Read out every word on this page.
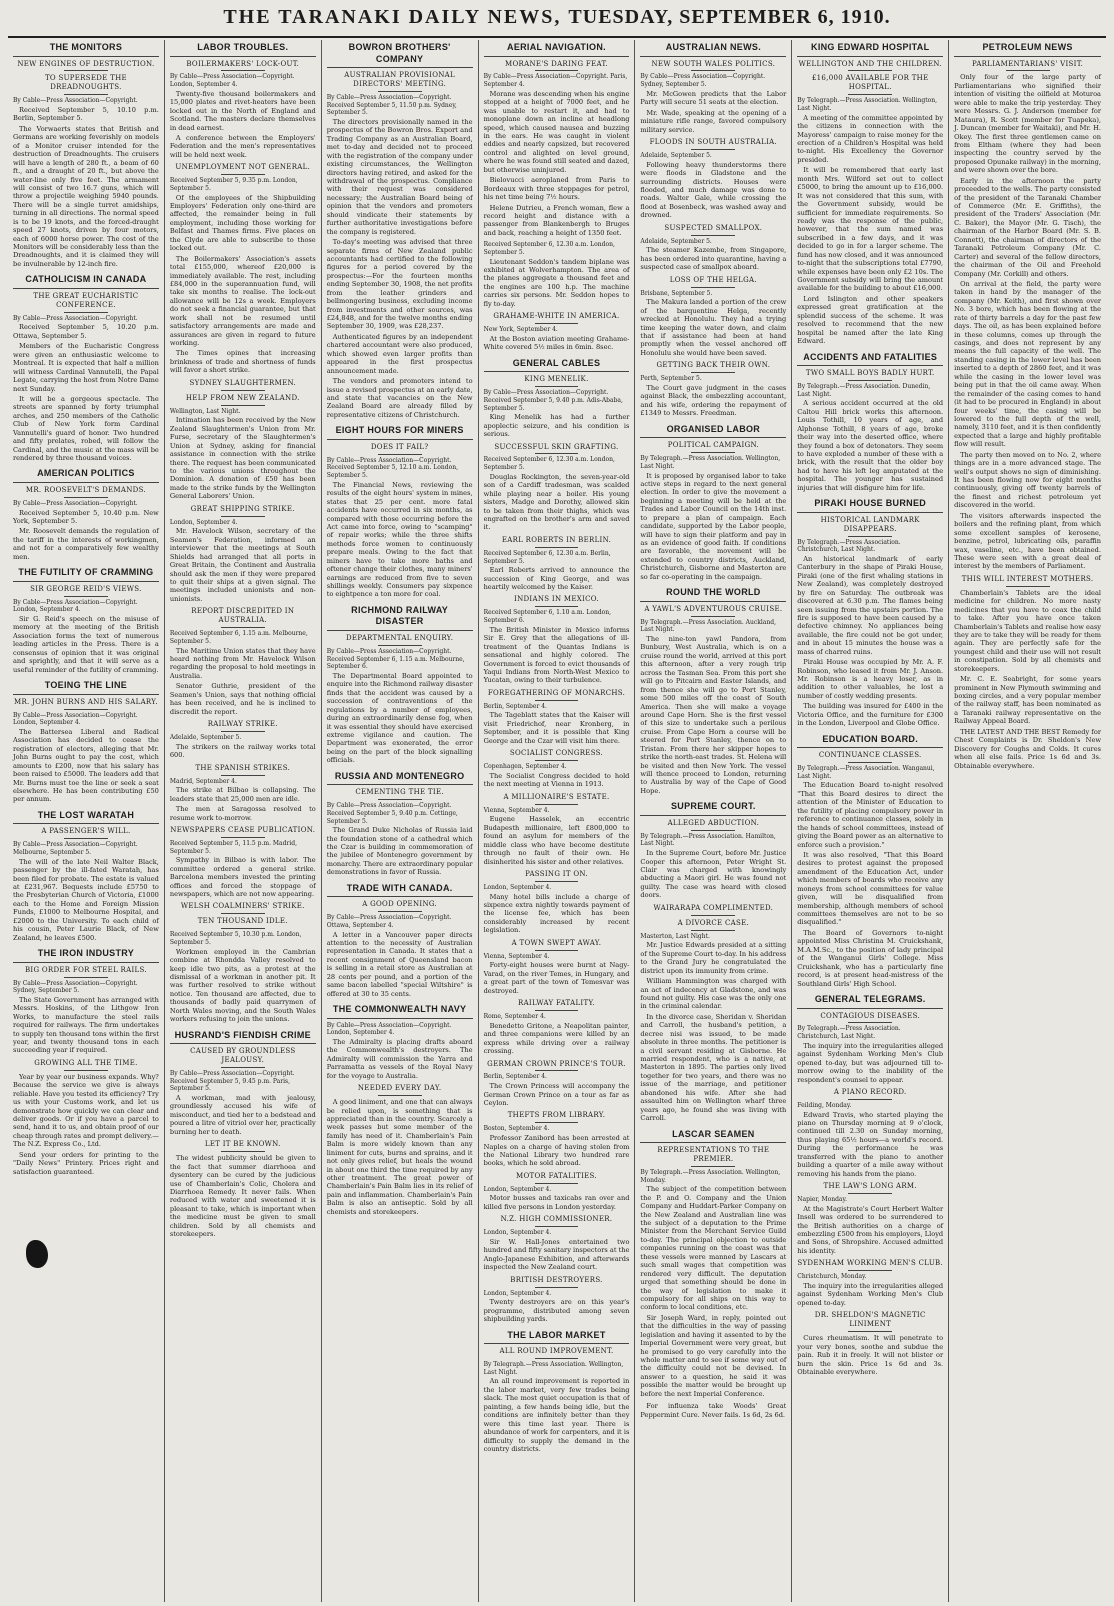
THE TARANAKI DAILY NEWS, TUESDAY, SEPTEMBER 6, 1910.
THE MONITORS
NEW ENGINES OF DESTRUCTION.
TO SUPERSEDE THE DREADNOUGHTS.
By Cable—Press Association—Copyright.

Received September 5, 10.10 p.m. Berlin, September 5.

The Vorwaerts states that British and Germans are working feverishly on models of a Monitor cruiser intended for the destruction of Dreadnoughts. The cruisers will have a length of 280 ft., a beam of 60 ft., and a draught of 20 ft., but above the water-line only five feet. The armament will consist of two 16.7 guns, which will throw a projectile weighing 5940 pounds. There will be a single turret amidships, turning in all directions. The normal speed is to be 19 knots, and the forced-draught speed 27 knots, driven by four motors, each of 6000 horse power. The cost of the Monitors will be considerably less than the Dreadnoughts, and it is claimed they will be invulnerable by 12-inch fire.

CATHOLICISM IN CANADA
THE GREAT EUCHARISTIC CONFERENCE.
By Cable—Press Association—Copyright.

Received September 5, 10.20 p.m. Ottawa, September 5.

Members of the Eucharistic Congress were given an enthusiastic welcome to Montreal. It is expected that half a million will witness Cardinal Vannutelli, the Papal Legate, carrying the host from Notre Dame next Sunday.

It will be a gorgeous spectacle. The streets are spanned by forty triumphal arches, and 250 members of the Catholic Club of New York form Cardinal Vannutelli's guard of honor. Two hundred and fifty prelates, robed, will follow the Cardinal, and the music at the mass will be rendered by three thousand voices.

AMERICAN POLITICS
MR. ROOSEVELT'S DEMANDS.
By Cable—Press Association—Copyright.

Received September 5, 10.40 p.m. New York, September 5.

Mr. Roosevelt demands the regulation of the tariff in the interests of workingmen, and not for a comparatively few wealthy men.

THE FUTILITY OF CRAMMING
SIR GEORGE REID'S VIEWS.
By Cable—Press Association—Copyright. London, September 4.

Sir G. Reid's speech on the misuse of memory at the meeting of the British Association forms the text of numerous leading articles in the Press. There is a consensus of opinion that it was original and sprightly, and that it will serve as a useful reminder of the futility of cramming.

TOEING THE LINE
MR. JOHN BURNS AND HIS SALARY.
By Cable—Press Association—Copyright. London, September 4.

The Battersea Liberal and Radical Association has decided to cease the registration of electors, alleging that Mr. John Burns ought to pay the cost, which amounts to £200, now that his salary has been raised to £5000. The leaders add that Mr. Burns must toe the line or seek a seat elsewhere. He has been contributing £50 per annum.

THE LOST WARATAH
A PASSENGER'S WILL.
By Cable—Press Association—Copyright. Melbourne, September 5.

The will of the late Neil Walter Black, passenger by the ill-fated Waratah, has been filed for probate. The estate is valued at £231,967. Bequests include £5750 to the Presbyterian Church of Victoria, £1000 each to the Home and Foreign Mission Funds, £1000 to Melbourne Hospital, and £2000 to the University. To each child of his cousin, Peter Laurie Black, of New Zealand, he leaves £500.

THE IRON INDUSTRY
BIG ORDER FOR STEEL RAILS.
By Cable—Press Association—Copyright. Sydney, September 5.

The State Government has arranged with Messrs. Hoskins, of the Lithgow Iron Works, to manufacture the steel rails required for railways. The firm undertakes to supply ten thousand tons within the first year, and twenty thousand tons in each succeeding year if required.

GROWING ALL THE TIME.

Year by year our business expands. Why? Because the service we give is always reliable. Have you tested its efficiency? Try us with your Customs work, and let us demonstrate how quickly we can clear and deliver goods. Or if you have a parcel to send, hand it to us, and obtain proof of our cheap through rates and prompt delivery.—The N.Z. Express Co., Ltd.

Send your orders for printing to the "Daily News" Printery. Prices right and satisfaction guaranteed.

LABOR TROUBLES.
BOILERMAKERS' LOCK-OUT.
By Cable—Press Association—Copyright. London, September 4.

Twenty-five thousand boilermakers and 15,000 plates and rivet-heaters have been locked out in the North of England and Scotland. The masters declare themselves in dead earnest.

A conference between the Employers' Federation and the men's representatives will be held next week.

UNEMPLOYMENT NOT GENERAL.
Received September 5, 9.35 p.m. London, September 5.

Of the employees of the Shipbuilding Employers' Federation only one-third are affected, the remainder being in full employment, including those working for Belfast and Thames firms. Five places on the Clyde are able to subscribe to those locked out.

The Boilermakers' Association's assets total £155,000, whereof £20,000 is immediately available. The rest, including £84,000 in the superannuation fund, will take six months to realise. The lock-out allowance will be 12s a week. Employers do not seek a financial guarantee, but that work shall not be resumed until satisfactory arrangements are made and assurances are given in regard to future working.

The Times opines that increasing brinkness of trade and shortness of funds will favor a short strike.

SYDNEY SLAUGHTERMEN.
HELP FROM NEW ZEALAND.
Wellington, Last Night.

Intimation has been received by the New Zealand Slaughtermen's Union from Mr. Furse, secretary of the Slaughtermen's Union at Sydney, asking for financial assistance in connection with the strike there. The request has been communicated to the various unions throughout the Dominion. A donation of £50 has been made to the strike funds by the Wellington General Laborers' Union.

GREAT SHIPPING STRIKE.
London, September 4.

Mr. Havelock Wilson, secretary of the Seamen's Federation, informed an interviewer that the meetings at South Shields had arranged that all ports in Great Britain, the Continent and Australia should ask the men if they were prepared to quit their ships at a given signal. The meetings included unionists and non-unionists.

REPORT DISCREDITED IN AUSTRALIA.
Received September 6, 1.15 a.m. Melbourne, September 5.

The Maritime Union states that they have heard nothing from Mr. Havelock Wilson regarding the proposal to hold meetings in Australia.

Senator Guthrie, president of the Seamen's Union, says that nothing official has been received, and he is inclined to discredit the report.

RAILWAY STRIKE.
Adelaide, September 5.

The strikers on the railway works total 600.

THE SPANISH STRIKES.
Madrid, September 4.

The strike at Bilbao is collapsing. The leaders state that 25,000 men are idle.

The men at Saragossa resolved to resume work to-morrow.

NEWSPAPERS CEASE PUBLICATION.
Received September 5, 11.5 p.m. Madrid, September 5.

Sympathy in Bilbao is with labor. The committee ordered a general strike. Barcelona members invested the printing offices and forced the stoppage of newspapers, which are not now appearing.

WELSH COALMINERS' STRIKE.
TEN THOUSAND IDLE.
Received September 5, 10.30 p.m. London, September 5.

Workmen employed in the Cambrian combine at Rhondda Valley resolved to keep idle two pits, as a protest at the dismissal of a workman in another pit. It was further resolved to strike without notice. Ten thousand are affected, due to thousands of badly paid quarrymen of North Wales moving, and the South Wales workers refusing to join the unions.

HUSRAND'S FIENDISH CRIME
CAUSED BY GROUNDLESS JEALOUSY.
By Cable—Press Association—Copyright. Received September 5, 9.45 p.m. Paris, September 5.

A workman, mad with jealousy, groundlessly accused his wife of misconduct, and tied her to a bedstead and poured a litre of vitriol over her, practically burning her to death.

LET IT BE KNOWN.

The widest publicity should be given to the fact that summer diarrhoea and dysentery can be cured by the judicious use of Chamberlain's Colic, Cholera and Diarrhoea Remedy. It never fails. When reduced with water and sweetened it is pleasant to take, which is important when the medicine must be given to small children. Sold by all chemists and storekeepers.

BOWRON BROTHERS' COMPANY
AUSTRALIAN PROVISIONAL DIRECTORS' MEETING.
By Cable—Press Association—Copyright. Received September 5, 11.50 p.m. Sydney, September 5.

The directors provisionally named in the prospectus of the Bowron Bros. Export and Trading Company as an Australian Board, met to-day and decided not to proceed with the registration of the company under existing circumstances, the Wellington directors having retired, and asked for the withdrawal of the prospectus. Compliance with their request was considered necessary; the Australian Board being of opinion that the vendors and promoters should vindicate their statements by further authoritative investigations before the company is registered.

To-day's meeting was advised that three separate firms of New Zealand public accountants had certified to the following figures for a period covered by the prospectus:—For the fourteen months ending September 30, 1908, the net profits from the leather grinders and bellmongering business, excluding income from investments and other sources, was £24,848, and for the twelve months ending September 30, 1909, was £28,237.

Authenticated figures by an independent chartered accountant were also produced, which showed even larger profits than appeared in the first prospectus announcement made.

The vendors and promoters intend to issue a revised prospectus at an early date, and state that vacancies on the New Zealand Board are already filled by representative citizens of Christchurch.

EIGHT HOURS FOR MINERS
DOES IT FAIL?
By Cable—Press Association—Copyright. Received September 5, 12.10 a.m. London, September 5.

The Financial News, reviewing the results of the eight hours' system in mines, states that 25 per cent. more fatal accidents have occurred in six months, as compared with those occurring before the Act came into force, owing to "scamping" of repair works; while the three shifts methods force women to continuously prepare meals. Owing to the fact that miners have to take more baths and oftener change their clothes, many miners' earnings are reduced from five to seven shillings weekly. Consumers pay sixpence to eightpence a ton more for coal.

RICHMOND RAILWAY DISASTER
DEPARTMENTAL ENQUIRY.
By Cable—Press Association—Copyright. Received September 6, 1.15 a.m. Melbourne, September 6.

The Departmental Board appointed to enquire into the Richmond railway disaster finds that the accident was caused by a succession of contraventions of the regulations by a number of employees, during an extraordinarily dense fog, when it was essential they should have exercised extreme vigilance and caution. The Department was exonerated, the error being on the part of the block signalling officials.

RUSSIA AND MONTENEGRO
CEMENTING THE TIE.
By Cable—Press Association—Copyright. Received September 5, 9.40 p.m. Cettinge, September 5.

The Grand Duke Nicholas of Russia laid the foundation stone of a cathedral which the Czar is building in commemoration of the jubilee of Montenegro government by monarchy. There are extraordinary popular demonstrations in favor of Russia.

TRADE WITH CANADA.
A GOOD OPENING.
By Cable—Press Association—Copyright. Ottawa, September 4.

A letter in a Vancouver paper directs attention to the necessity of Australian representation in Canada. It states that a recent consignment of Queensland bacon is selling in a retail store as Australian at 28 cents per pound, and a portion of the same bacon labelled "special Wiltshire" is offered at 30 to 35 cents.

THE COMMONWEALTH NAVY
By Cable—Press Association—Copyright. London, September 4.

The Admiralty is placing drafts aboard the Commonwealth's destroyers. The Admiralty will commission the Yarra and Parramatta as vessels of the Royal Navy for the voyage to Australia.

NEEDED EVERY DAY.

A good liniment, and one that can always be relied upon, is something that is appreciated than in the country. Scarcely a week passes but some member of the family has need of it. Chamberlain's Pain Balm is more widely known than any liniment for cuts, burns and sprains, and it not only gives relief, but heals the wound in about one third the time required by any other treatment. The great power of Chamberlain's Pain Balm lies in its relief of pain and inflammation. Chamberlain's Pain Balm is also an antiseptic. Sold by all chemists and storekeepers.

AERIAL NAVIGATION.
MORANE'S DARING FEAT.
By Cable—Press Association—Copyright. Paris, September 4.

Morane was descending when his engine stopped at a height of 7000 feet, and he was unable to restart it, and had to monoplane down an incline at headlong speed, which caused nausea and buzzing in the ears. He was caught in violent eddies and nearly capsized, but recovered control and alighted on level ground, where he was found still seated and dazed, but otherwise uninjured.

Bielovucci aeroplaned from Paris to Bordeaux with three stoppages for petrol, his net time being 7½ hours.

Helene Dutrieu, a French woman, flew a record height and distance with a passenger from Blankenbergh to Bruges and back, reaching a height of 1350 feet.

Received September 6, 12.30 a.m. London, September 5.

Lieutenant Seddon's tandem biplane was exhibited at Wolverhampton. The area of the planes aggregate a thousand feet and the engines are 100 h.p. The machine carries six persons. Mr. Seddon hopes to fly to-day.

GRAHAME-WHITE IN AMERICA.
New York, September 4.

At the Boston aviation meeting Grahame-White covered 5½ miles in 6min. 8sec.

GENERAL CABLES
KING MENELIK.
By Cable—Press Association—Copyright. Received September 5, 9.40 p.m. Adis-Ababa, September 5.

King Menelik has had a further apoplectic seizure, and his condition is serious.

SUCCESSFUL SKIN GRAFTING.
Received September 6, 12.30 a.m. London, September 5.

Douglas Rockington, the seven-year-old son of a Cardiff tradesman, was scalded while playing near a boiler. His young sisters, Madge and Dorothy, allowed skin to be taken from their thighs, which was engrafted on the brother's arm and saved it.

EARL ROBERTS IN BERLIN.
Received September 6, 12.30 a.m. Berlin, September 5.

Earl Roberts arrived to announce the succession of King George, and was heartily welcomed by the Kaiser.

INDIANS IN MEXICO.
Received September 6, 1.10 a.m. London, September 6.

The British Minister in Mexico informs Sir E. Grey that the allegations of ill-treatment of the Quantas Indians is sensational and highly colored. The Government is forced to evict thousands of Yaqui Indians from North-West Mexico to Yucatan, owing to their turbulence.

FOREGATHERING OF MONARCHS.
Berlin, September 4.

The Tageblatt states that the Kaiser will visit Friedrichof, near Kronberg, in September, and it is possible that King George and the Czar will visit him there.

SOCIALIST CONGRESS.
Copenhagen, September 4.

The Socialist Congress decided to hold the next meeting at Vienna in 1913.

A MILLIONAIRE'S ESTATE.
Vienna, September 4.

Eugene Hasselek, an eccentric Budapesth millionaire, left £800,000 to found an asylum for members of the middle class who have become destitute through no fault of their own. He disinherited his sister and other relatives.

PASSING IT ON.
London, September 4.

Many hotel bills include a charge of sixpence extra nightly towards payment of the license fee, which has been considerably increased by recent legislation.

A TOWN SWEPT AWAY.
Vienna, September 4.

Forty-eight houses were burnt at Nagy-Varad, on the river Temes, in Hungary, and a great part of the town of Temesvar was destroyed.

RAILWAY FATALITY.
Rome, September 4.

Benedetto Gritone, a Neapolitan painter, and three companions were killed by an express while driving over a railway crossing.

GERMAN CROWN PRINCE'S TOUR.
Berlin, September 4.

The Crown Princess will accompany the German Crown Prince on a tour as far as Ceylon.

THEFTS FROM LIBRARY.
Boston, September 4.

Professor Zanibord has been arrested at Naples on a charge of having stolen from the National Library two hundred rare books, which he sold abroad.

MOTOR FATALITIES.
London, September 4.

Motor busses and taxicabs ran over and killed five persons in London yesterday.

N.Z. HIGH COMMISSIONER.
London, September 4.

Sir W. Hall-Jones entertained two hundred and fifty sanitary inspectors at the Anglo-Japanese Exhibition, and afterwards inspected the New Zealand court.

BRITISH DESTROYERS.
London, September 4.

Twenty destroyers are on this year's programme, distributed among seven shipbuilding yards.

THE LABOR MARKET
ALL ROUND IMPROVEMENT.
By Telegraph.—Press Association. Wellington, Last Night.

An all round improvement is reported in the labor market, very few trades being slack. The most quiet occupation is that of painting, a few hands being idle, but the conditions are infinitely better than they were this time last year. There is abundance of work for carpenters, and it is difficulty to supply the demand in the country districts.

AUSTRALIAN NEWS.
NEW SOUTH WALES POLITICS.
By Cable—Press Association—Copyright. Sydney, September 5.

Mr. McGowen predicts that the Labor Party will secure 51 seats at the election.

Mr. Wade, speaking at the opening of a miniature rifle range, favored compulsory military service.

FLOODS IN SOUTH AUSTRALIA.
Adelaide, September 5.

Following heavy thunderstorms there were floods in Gladstone and the surrounding districts. Houses were flooded, and much damage was done to roads. Walter Gale, while crossing the flood at Bosenbeck, was washed away and drowned.

SUSPECTED SMALLPOX.
Adelaide, September 5.

The steamer Kazembe, from Singapore, has been ordered into quarantine, having a suspected case of smallpox aboard.

LOSS OF THE HELGA.
Brisbane, September 5.

The Makura landed a portion of the crew of the barquentine Helga, recently wrecked at Honolulu. They had a trying time keeping the water down, and claim that if assistance had been at hand promptly when the vessel anchored off Honolulu she would have been saved.

GETTING BACK THEIR OWN.
Perth, September 5.

The Court gave judgment in the cases against Black, the embezzling accountant, and his wife, ordering the repayment of £1349 to Messrs. Freedman.

ORGANISED LABOR
POLITICAL CAMPAIGN.
By Telegraph.—Press Association. Wellington, Last Night.

It is proposed by organised labor to take active steps in regard to the next general election. In order to give the movement a beginning a meeting will be held at the Trades and Labor Council on the 14th inst. to prepare a plan of campaign. Each candidate, supported by the Labor people, will have to sign their platform and pay in as an evidence of good faith. If conditions are favorable, the movement will be extended to country districts, Auckland, Christchurch, Gisborne and Masterton are so far co-operating in the campaign.

ROUND THE WORLD
A YAWL'S ADVENTUROUS CRUISE.
By Telegraph.—Press Association. Auckland, Last Night.

The nine-ton yawl Pandora, from Bunbury, West Australia, which is on a cruise round the world, arrived at this port this afternoon, after a very rough trip across the Tasman Sea. From this port she will go to Pitcairn and Easter Islands, and from thence she will go to Port Stanley, some 500 miles off the coast of South America. Then she will make a voyage around Cape Horn. She is the first vessel of this size to undertake such a perilous cruise. From Cape Horn a course will be steered for Port Stanley, thence on to Tristan. From there her skipper hopes to strike the north-east trades. St. Helena will be visited and then New York. The vessel will thence proceed to London, returning to Australia by way of the Cape of Good Hope.

SUPREME COURT.
ALLEGED ABDUCTION.
By Telegraph.—Press Association. Hamilton, Last Night.

In the Supreme Court, before Mr. Justice Cooper this afternoon, Peter Wright St. Clair was charged with knowingly abducting a Maori girl. He was found not guilty. The case was heard with closed doors.

WAIRARAPA COMPLIMENTED.
A DIVORCE CASE.
Masterton, Last Night.

Mr. Justice Edwards presided at a sitting of the Supreme Court to-day. In his address to the Grand Jury he congratulated the district upon its immunity from crime.

William Hammington was charged with an act of indecency at Gladstone, and was found not guilty. His case was the only one in the criminal calendar.

In the divorce case, Sheridan v. Sheridan and Carroll, the husband's petition, a decree nisi was issued, to be made absolute in three months. The petitioner is a civil servant residing at Gisborne. He married respondent, who is a native, at Masterton in 1895. The parties only lived together for two years, and there was no issue of the marriage, and petitioner abandoned his wife. After she had assaulted him on Wellington wharf three years ago, he found she was living with Carroll.

LASCAR SEAMEN
REPRESENTATIONS TO THE PREMIER.
By Telegraph.—Press Association. Wellington, Monday.

The subject of the competition between the P. and O. Company and the Union Company and Huddart-Parker Company on the New Zealand and Australian line was the subject of a deputation to the Prime Minister from the Merchant Service Guild to-day. The principal objection to outside companies running on the coast was that these vessels were manned by Lascars at such small wages that competition was rendered very difficult. The deputation urged that something should be done in the way of legislation to make it compulsory for all ships on this way to conform to local conditions, etc.

Sir Joseph Ward, in reply, pointed out that the difficulties in the way of passing legislation and having it assented to by the Imperial Government were very great, but he promised to go very carefully into the whole matter and to see if some way out of the difficulty could not be devised. In answer to a question, he said it was possible the matter would be brought up before the next Imperial Conference.

For influenza take Woods' Great Peppermint Cure. Never fails. 1s 6d, 2s 6d.

KING EDWARD HOSPITAL
WELLINGTON AND THE CHILDREN.
£16,000 AVAILABLE FOR THE HOSPITAL.
By Telegraph.—Press Association. Wellington, Last Night.

A meeting of the committee appointed by the citizens in connection with the Mayoress' campaign to raise money for the erection of a Children's Hospital was held to-night. His Excellency the Governor presided.

It will be remembered that early last month Mrs. Wilford set out to collect £5000, to bring the amount up to £16,000. It was not considered that this sum, with the Government subsidy, would be sufficient for immediate requirements. So ready was the response of the public, however, that the sum named was subscribed in a few days, and it was decided to go in for a larger scheme. The fund has now closed, and it was announced to-night that the subscriptions total £7790, while expenses have been only £2 10s. The Government subsidy will bring the amount available for the building to about £16,000.

Lord Islington and other speakers expressed great gratification at the splendid success of the scheme. It was resolved to recommend that the new hospital be named after the late King Edward.

ACCIDENTS AND FATALITIES
TWO SMALL BOYS BADLY HURT.
By Telegraph.—Press Association. Dunedin, Last Night.

A serious accident occurred at the old Caltou Hill brick works this afternoon. Louis Tothill, 10 years of age, and Alphonse Tothill, 8 years of age, broke their way into the deserted office, where they found a box of detonators. They seem to have exploded a number of these with a brick, with the result that the older boy had to have his left leg amputated at the hospital. The younger has sustained injuries that will disfigure him for life.

PIRAKI HOUSE BURNED
HISTORICAL LANDMARK DISAPPEARS.
By Telegraph.—Press Association. Christchurch, Last Night.

An historical landmark of early Canterbury in the shape of Piraki House, Piraki (one of the first whaling stations in New Zealand), was completely destroyed by fire on Saturday. The outbreak was discovered at 6.30 p.m. The flames being seen issuing from the upstairs portion. The fire is supposed to have been caused by a defective chimney. No appliances being available, the fire could not be got under, and in about 15 minutes the house was a mass of charred ruins.

Piraki House was occupied by Mr. A. F. Robinson, who leased it from Mr. J. Anson. Mr. Robinson is a heavy loser, as in addition to other valuables, he lost a number of costly wedding presents.

The building was insured for £400 in the Victoria Office, and the furniture for £300 in the London, Liverpool and Globe Office.

EDUCATION BOARD.
CONTINUANCE CLASSES.
By Telegraph.—Press Association. Wanganui, Last Night.

The Education Board to-night resolved "That this Board desires to direct the attention of the Minister of Education to the futility of placing compulsory power in reference to continuance classes, solely in the hands of school committees, instead of giving the Board power as an alternative to enforce such a provision."

It was also resolved, "That this Board desires to protest against the proposed amendment of the Education Act, under which members of boards who receive any moneys from school committees for value given, will be disqualified from membership, although members of school committees themselves are not to be so disqualified."

The Board of Governors to-night appointed Miss Christina M. Cruickshank, M.A.M.Sc., to the position of lady principal of the Wanganui Girls' College. Miss Cruickshank, who has a particularly fine record, is at present head-mistress of the Southland Girls' High School.

GENERAL TELEGRAMS.
CONTAGIOUS DISEASES.
By Telegraph.—Press Association. Christchurch, Last Night.

The inquiry into the irregularities alleged against Sydenham Working Men's Club opened to-day, but was adjourned till to-morrow owing to the inability of the respondent's counsel to appear.

A PIANO RECORD.
Feilding, Monday.

Edward Travis, who started playing the piano on Thursday morning at 9 o'clock, continued till 2.30 on Sunday morning, thus playing 65½ hours—a world's record. During the performance he was transferred with the piano to another building a quarter of a mile away without removing his hands from the piano.

THE LAW'S LONG ARM.
Napier, Monday.

At the Magistrate's Court Herbert Walter Insell was ordered to be surrendered to the British authorities on a charge of embezzling £500 from his employers, Lloyd and Sons, of Shropshire. Accused admitted his identity.

SYDENHAM WORKING MEN'S CLUB.
Christchurch, Monday.

The inquiry into the irregularities alleged against Sydenham Working Men's Club opened to-day.

DR. SHELDON'S MAGNETIC LINIMENT

Cures rheumatism. It will penetrate to your very bones, soothe and subdue the pain. Rub it in freely. It will not blister or burn the skin. Price 1s 6d and 3s. Obtainable everywhere.

PETROLEUM NEWS
PARLIAMENTARIANS' VISIT.

Only four of the large party of Parliamentarians who signified their intention of visiting the oilfield at Moturoa were able to make the trip yesterday. They were Messrs. G. J. Anderson (member for Mataura), R. Scott (member for Tuapeka), J. Duncan (member for Waitaki), and Mr. H. Okey. The first three gentlemen came on from Eltham (where they had been inspecting the country served by the proposed Opunake railway) in the morning, and were shown over the bore.

Early in the afternoon the party proceeded to the wells. The party consisted of the president of the Taranaki Chamber of Commerce (Mr. E. Griffiths), the president of the Traders' Association (Mr. C. Baker), the Mayor (Mr. G. Tisch), the chairman of the Harbor Board (Mr. S. B. Connett), the chairman of directors of the Taranaki Petroleum Company (Mr. C. Carter) and several of the fellow directors, the chairman of the Oil and Freehold Company (Mr. Corkill) and others.

On arrival at the field, the party were taken in hand by the manager of the company (Mr. Keith), and first shown over No. 3 bore, which has been flowing at the rate of thirty barrels a day for the past few days. The oil, as has been explained before in these columns, comes up through the casings, and does not represent by any means the full capacity of the well. The standing casing in the lower level has been inserted to a depth of 2860 feet, and it was while the casing in the lower level was being put in that the oil came away. When the remainder of the casing comes to hand (it had to be procured in England) in about four weeks' time, the casing will be lowered to the full depth of the well, namely, 3110 feet, and it is then confidently expected that a large and highly profitable flow will result.

The party then moved on to No. 2, where things are in a more advanced stage. The well's output shows no sign of diminishing. It has been flowing now for eight months continuously, giving off twenty barrels of the finest and richest petroleum yet discovered in the world.

The visitors afterwards inspected the boilers and the refining plant, from which some excellent samples of kerosene, benzine, petrol, lubricating oils, paraffin wax, vaseline, etc., have been obtained. These were seen with a great deal of interest by the members of Parliament.

THIS WILL INTEREST MOTHERS.

Chamberlain's Tablets are the ideal medicine for children. No more nasty medicines that you have to coax the child to take. After you have once taken Chamberlain's Tablets and realise how easy they are to take they will be ready for them again. They are perfectly safe for the youngest child and their use will not result in constipation. Sold by all chemists and storekeepers.

Mr. C. E. Seabright, for some years prominent in New Plymouth swimming and boxing circles, and a very popular member of the railway staff, has been nominated as a Taranaki railway representative on the Railway Appeal Board.

THE LATEST AND THE BEST Remedy for Chest Complaints is Dr. Sheldon's New Discovery for Coughs and Colds. It cures when all else fails. Price 1s 6d and 3s. Obtainable everywhere.
